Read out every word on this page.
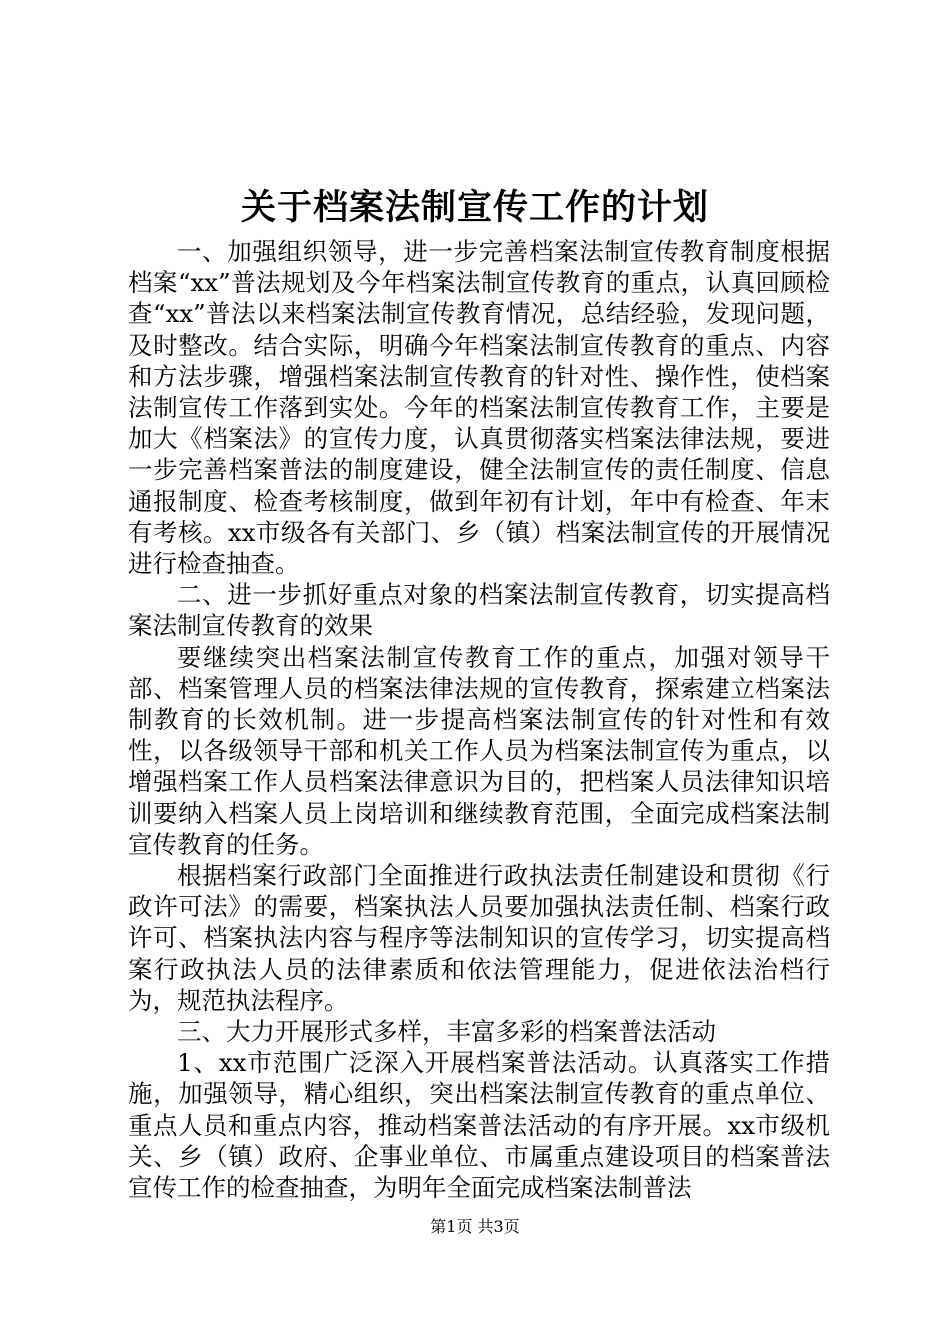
关于档案法制宣传工作的计划

一、加强组织领导，进一步完善档案法制宣传教育制度根据档案“xx”普法规划及今年档案法制宣传教育的重点，认真回顾检查“xx”普法以来档案法制宣传教育情况，总结经验，发现问题，及时整改。结合实际，明确今年档案法制宣传教育的重点、内容和方法步骤，增强档案法制宣传教育的针对性、操作性，使档案法制宣传工作落到实处。今年的档案法制宣传教育工作，主要是加大《档案法》的宣传力度，认真贯彻落实档案法律法规，要进一步完善档案普法的制度建设，健全法制宣传的责任制度、信息通报制度、检查考核制度，做到年初有计划，年中有检查、年末有考核。xx市级各有关部门、乡（镇）档案法制宣传的开展情况进行检查抽查。

二、进一步抓好重点对象的档案法制宣传教育，切实提高档案法制宣传教育的效果

要继续突出档案法制宣传教育工作的重点，加强对领导干部、档案管理人员的档案法律法规的宣传教育，探索建立档案法制教育的长效机制。进一步提高档案法制宣传的针对性和有效性，以各级领导干部和机关工作人员为档案法制宣传为重点，以增强档案工作人员档案法律意识为目的，把档案人员法律知识培训要纳入档案人员上岗培训和继续教育范围，全面完成档案法制宣传教育的任务。

根据档案行政部门全面推进行政执法责任制建设和贯彻《行政许可法》的需要，档案执法人员要加强执法责任制、档案行政许可、档案执法内容与程序等法制知识的宣传学习，切实提高档案行政执法人员的法律素质和依法管理能力，促进依法治档行为，规范执法程序。

三、大力开展形式多样，丰富多彩的档案普法活动

1、xx市范围广泛深入开展档案普法活动。认真落实工作措施，加强领导，精心组织，突出档案法制宣传教育的重点单位、重点人员和重点内容，推动档案普法活动的有序开展。xx市级机关、乡（镇）政府、企事业单位、市属重点建设项目的档案普法宣传工作的检查抽查，为明年全面完成档案法制普法

第1页 共3页
